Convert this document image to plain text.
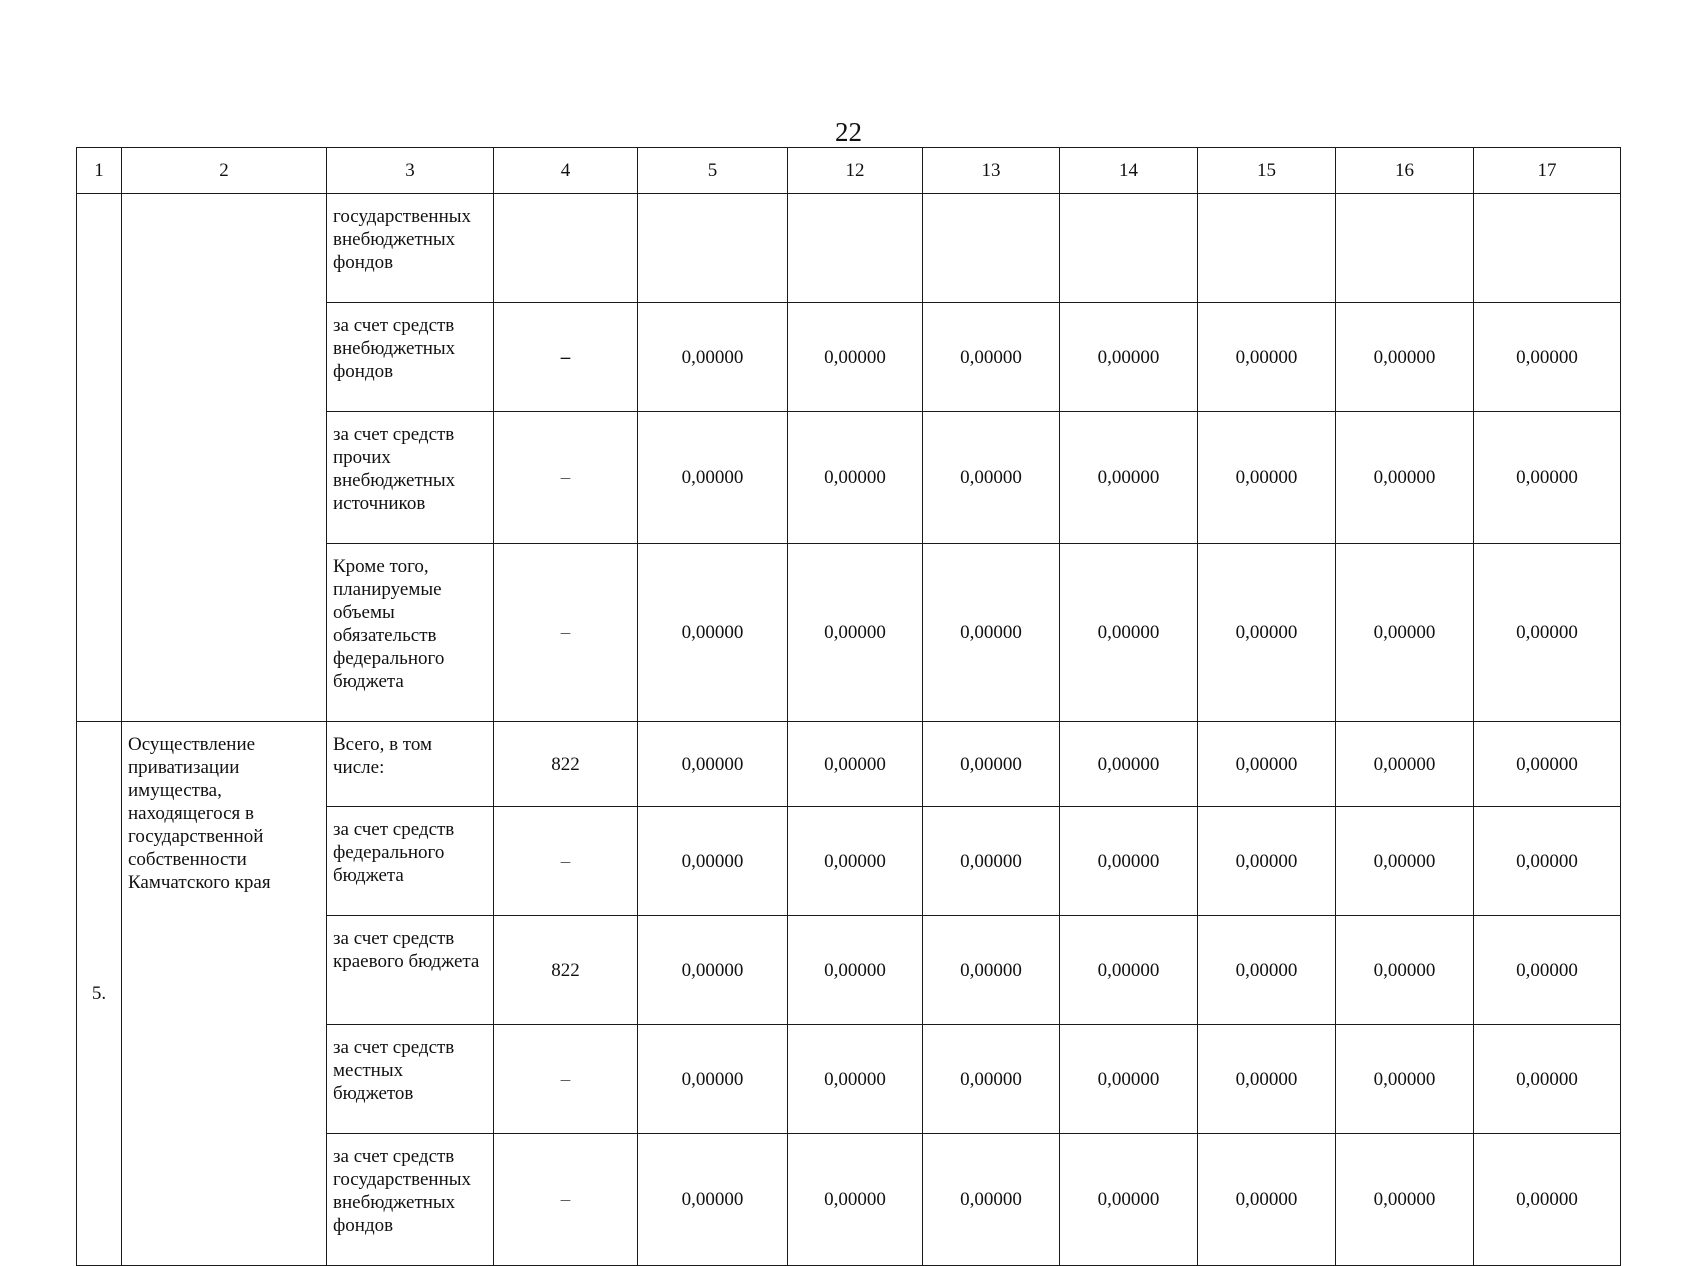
22
1	2	3	4	5	12	13	14	15	16	17
		государственных внебюджетных фондов								
		за счет средств внебюджетных фондов	–	0,00000	0,00000	0,00000	0,00000	0,00000	0,00000	0,00000
		за счет средств прочих внебюджетных источников	–	0,00000	0,00000	0,00000	0,00000	0,00000	0,00000	0,00000
		Кроме того, планируемые объемы обязательств федерального бюджета	–	0,00000	0,00000	0,00000	0,00000	0,00000	0,00000	0,00000
5.	Осуществление приватизации имущества, находящегося в государственной собственности Камчатского края	Всего, в том числе:	822	0,00000	0,00000	0,00000	0,00000	0,00000	0,00000	0,00000
		за счет средств федерального бюджета	–	0,00000	0,00000	0,00000	0,00000	0,00000	0,00000	0,00000
		за счет средств краевого бюджета	822	0,00000	0,00000	0,00000	0,00000	0,00000	0,00000	0,00000
		за счет средств местных бюджетов	–	0,00000	0,00000	0,00000	0,00000	0,00000	0,00000	0,00000
		за счет средств государственных внебюджетных фондов	–	0,00000	0,00000	0,00000	0,00000	0,00000	0,00000	0,00000
